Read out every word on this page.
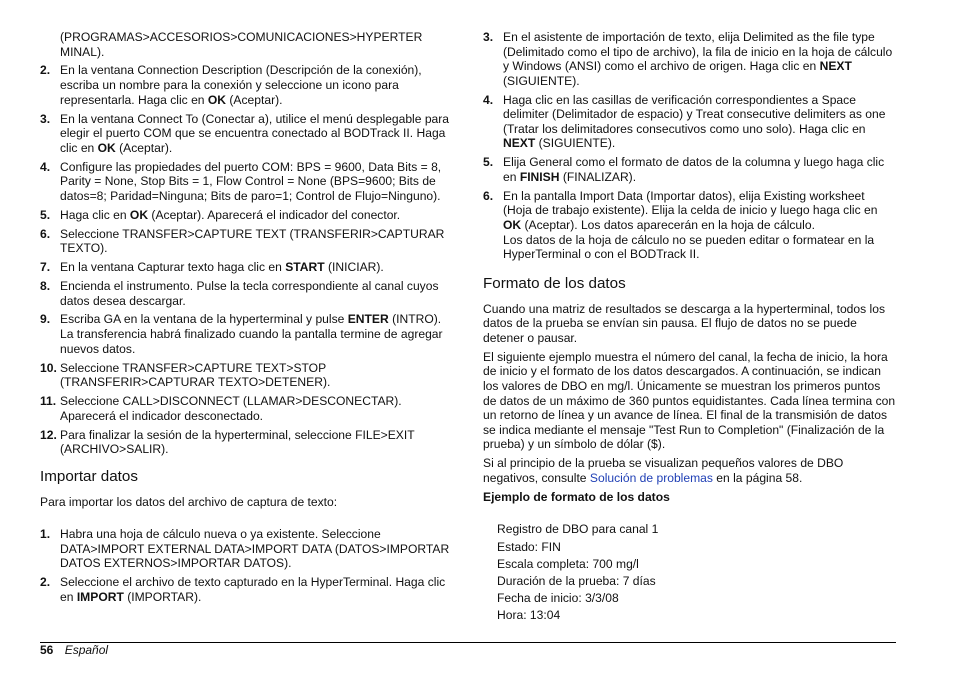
(PROGRAMAS>ACCESORIOS>COMUNICACIONES>HYPERTER MINAL).
2. En la ventana Connection Description (Descripción de la conexión), escriba un nombre para la conexión y seleccione un icono para representarla. Haga clic en OK (Aceptar).
3. En la ventana Connect To (Conectar a), utilice el menú desplegable para elegir el puerto COM que se encuentra conectado al BODTrack II. Haga clic en OK (Aceptar).
4. Configure las propiedades del puerto COM: BPS = 9600, Data Bits = 8, Parity = None, Stop Bits = 1, Flow Control = None (BPS=9600; Bits de datos=8; Paridad=Ninguna; Bits de paro=1; Control de Flujo=Ninguno).
5. Haga clic en OK (Aceptar). Aparecerá el indicador del conector.
6. Seleccione TRANSFER>CAPTURE TEXT (TRANSFERIR>CAPTURAR TEXTO).
7. En la ventana Capturar texto haga clic en START (INICIAR).
8. Encienda el instrumento. Pulse la tecla correspondiente al canal cuyos datos desea descargar.
9. Escriba GA en la ventana de la hyperterminal y pulse ENTER (INTRO). La transferencia habrá finalizado cuando la pantalla termine de agregar nuevos datos.
10. Seleccione TRANSFER>CAPTURE TEXT>STOP (TRANSFERIR>CAPTURAR TEXTO>DETENER).
11. Seleccione CALL>DISCONNECT (LLAMAR>DESCONECTAR). Aparecerá el indicador desconectado.
12. Para finalizar la sesión de la hyperterminal, seleccione FILE>EXIT (ARCHIVO>SALIR).
Importar datos

Para importar los datos del archivo de captura de texto:

1. Habra una hoja de cálculo nueva o ya existente. Seleccione DATA>IMPORT EXTERNAL DATA>IMPORT DATA (DATOS>IMPORTAR DATOS EXTERNOS>IMPORTAR DATOS).
2. Seleccione el archivo de texto capturado en la HyperTerminal. Haga clic en IMPORT (IMPORTAR).
3. En el asistente de importación de texto, elija Delimited as the file type (Delimitado como el tipo de archivo), la fila de inicio en la hoja de cálculo y Windows (ANSI) como el archivo de origen. Haga clic en NEXT (SIGUIENTE).
4. Haga clic en las casillas de verificación correspondientes a Space delimiter (Delimitador de espacio) y Treat consecutive delimiters as one (Tratar los delimitadores consecutivos como uno solo). Haga clic en NEXT (SIGUIENTE).
5. Elija General como el formato de datos de la columna y luego haga clic en FINISH (FINALIZAR).
6. En la pantalla Import Data (Importar datos), elija Existing worksheet (Hoja de trabajo existente). Elija la celda de inicio y luego haga clic en OK (Aceptar). Los datos aparecerán en la hoja de cálculo.
Los datos de la hoja de cálculo no se pueden editar o formatear en la HyperTerminal o con el BODTrack II.
Formato de los datos

Cuando una matriz de resultados se descarga a la hyperterminal, todos los datos de la prueba se envían sin pausa. El flujo de datos no se puede detener o pausar.

El siguiente ejemplo muestra el número del canal, la fecha de inicio, la hora de inicio y el formato de los datos descargados. A continuación, se indican los valores de DBO en mg/l. Únicamente se muestran los primeros puntos de datos de un máximo de 360 puntos equidistantes. Cada línea termina con un retorno de línea y un avance de línea. El final de la transmisión de datos se indica mediante el mensaje "Test Run to Completion" (Finalización de la prueba) y un símbolo de dólar ($).

Si al principio de la prueba se visualizan pequeños valores de DBO negativos, consulte Solución de problemas en la página 58.

Ejemplo de formato de los datos
Registro de DBO para canal 1
Estado: FIN
Escala completa: 700 mg/l
Duración de la prueba: 7 días
Fecha de inicio: 3/3/08
Hora: 13:04
56 Español
